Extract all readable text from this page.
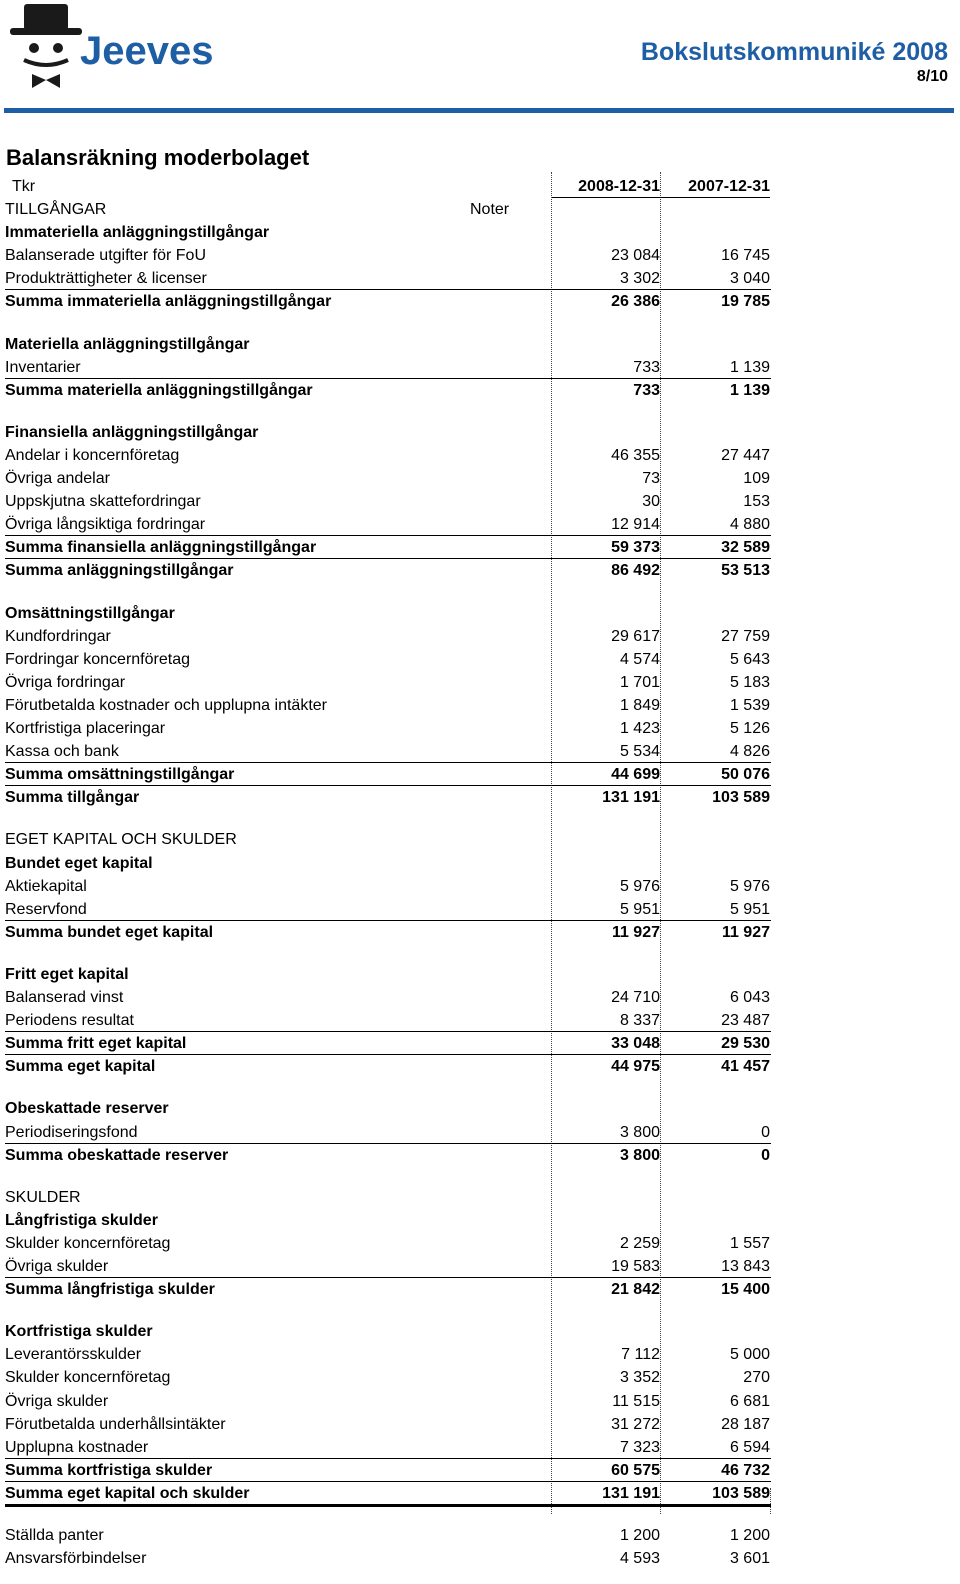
Jeeves	Bokslutskommuniké 2008
8/10
Balansräkning moderbolaget
Tkr	2008-12-31 2007-12-31
TILLGÅNGAR	Noter
Immateriella anläggningstillgångar
Balanserade utgifter för FoU	23 084	16 745
Produkträttigheter & licenser	3 302	3 040
Summa immateriella anläggningstillgångar	26 386	19 785
Materiella anläggningstillgångar
Inventarier	733	1 139
Summa materiella anläggningstillgångar	733	1 139
Finansiella anläggningstillgångar
Andelar i koncernföretag	46 355	27 447
Övriga andelar	73	109
Uppskjutna skattefordringar	30	153
Övriga långsiktiga fordringar	12 914	4 880
Summa finansiella anläggningstillgångar	59 373	32 589
Summa anläggningstillgångar	86 492	53 513
Omsättningstillgångar
Kundfordringar	29 617	27 759
Fordringar koncernföretag	4 574	5 643
Övriga fordringar	1 701	5 183
Förutbetalda kostnader och upplupna intäkter	1 849	1 539
Kortfristiga placeringar	1 423	5 126
Kassa och bank	5 534	4 826
Summa omsättningstillgångar	44 699	50 076
Summa tillgångar	131 191	103 589
EGET KAPITAL OCH SKULDER
Bundet eget kapital
Aktiekapital	5 976	5 976
Reservfond	5 951	5 951
Summa bundet eget kapital	11 927	11 927
Fritt eget kapital
Balanserad vinst	24 710	6 043
Periodens resultat	8 337	23 487
Summa fritt eget kapital	33 048	29 530
Summa eget kapital	44 975	41 457
Obeskattade reserver
Periodiseringsfond	3 800	0
Summa obeskattade reserver	3 800	0
SKULDER
Långfristiga skulder
Skulder koncernföretag	2 259	1 557
Övriga skulder	19 583	13 843
Summa långfristiga skulder	21 842	15 400
Kortfristiga skulder
Leverantörsskulder	7 112	5 000
Skulder koncernföretag	3 352	270
Övriga skulder	11 515	6 681
Förutbetalda underhållsintäkter	31 272	28 187
Upplupna kostnader	7 323	6 594
Summa kortfristiga skulder	60 575	46 732
Summa eget kapital och skulder	131 191	103 589
Ställda panter	1 200	1 200
Ansvarsförbindelser	4 593	3 601
